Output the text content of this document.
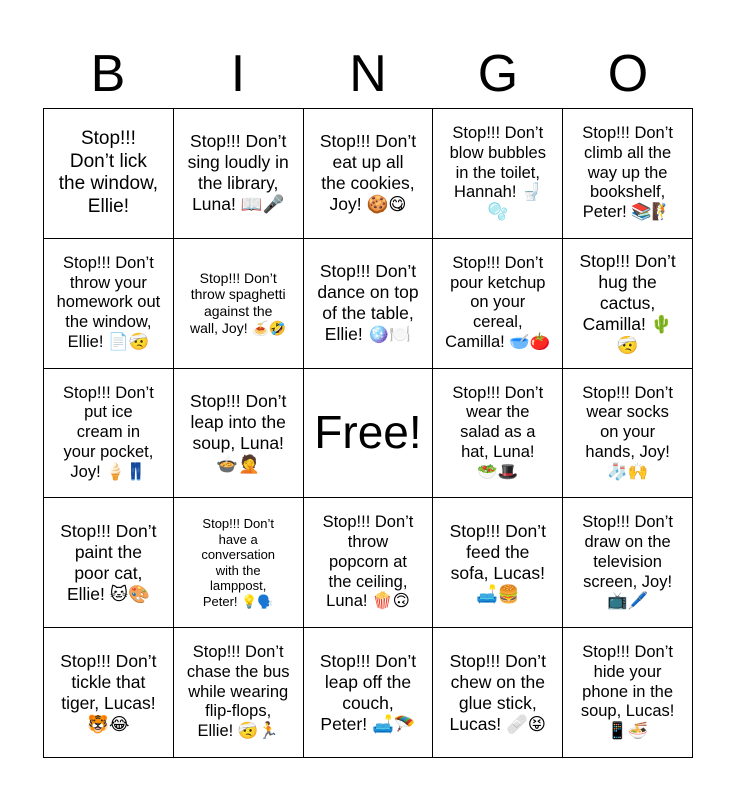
B	I	N	G	O
Stop!!!
Don’t lick
the window,
Ellie!
Stop!!! Don’t
sing loudly in
the library,
Luna! 📖🎤
Stop!!! Don’t
eat up all
the cookies,
Joy! 🍪😋
Stop!!! Don’t
blow bubbles
in the toilet,
Hannah! 🚽
🫧
Stop!!! Don’t
climb all the
way up the
bookshelf,
Peter! 📚🧗
Stop!!! Don’t
throw your
homework out
the window,
Ellie! 📄🤕
Stop!!! Don’t
throw spaghetti
against the
wall, Joy! 🍝🤣
Stop!!! Don’t
dance on top
of the table,
Ellie! 🪩🍽️
Stop!!! Don’t
pour ketchup
on your
cereal,
Camilla! 🥣🍅
Stop!!! Don’t
hug the
cactus,
Camilla! 🌵
🤕
Stop!!! Don’t
put ice
cream in
your pocket,
Joy! 🍦👖
Stop!!! Don’t
leap into the
soup, Luna!
🍲🤦
Free!
Stop!!! Don’t
wear the
salad as a
hat, Luna!
🥗🎩
Stop!!! Don’t
wear socks
on your
hands, Joy!
🧦🙌
Stop!!! Don’t
paint the
poor cat,
Ellie! 🐱🎨
Stop!!! Don’t
have a
conversation
with the
lamppost,
Peter! 💡🗣️
Stop!!! Don’t
throw
popcorn at
the ceiling,
Luna! 🍿🙃
Stop!!! Don’t
feed the
sofa, Lucas!
🛋️🍔
Stop!!! Don’t
draw on the
television
screen, Joy!
📺🖊️
Stop!!! Don’t
tickle that
tiger, Lucas!
🐯😂
Stop!!! Don’t
chase the bus
while wearing
flip-flops,
Ellie! 🤕🏃
Stop!!! Don’t
leap off the
couch,
Peter! 🛋️🪂
Stop!!! Don’t
chew on the
glue stick,
Lucas! 🩹😝
Stop!!! Don’t
hide your
phone in the
soup, Lucas!
📱🍜
